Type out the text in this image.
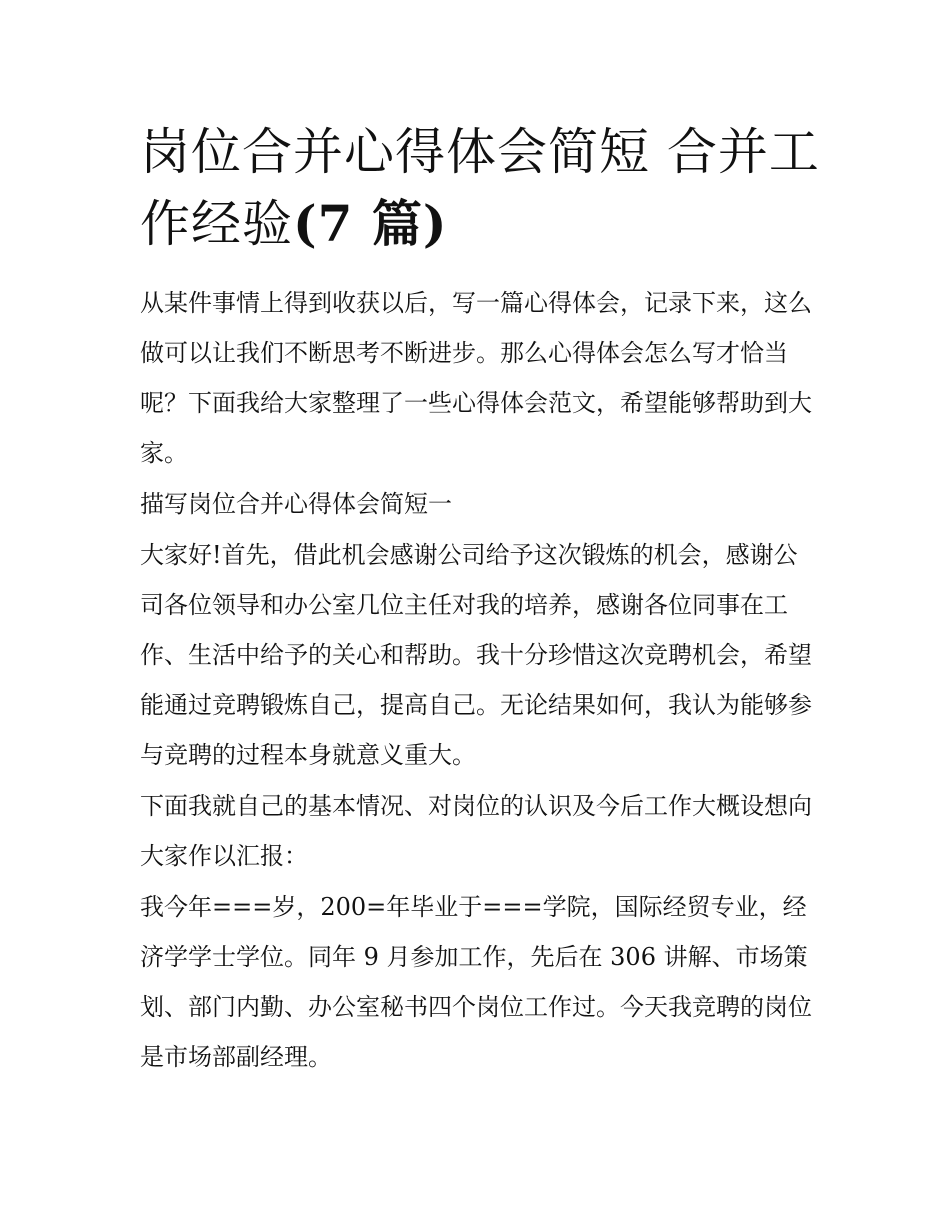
岗位合并心得体会简短 合并工作经验(7 篇)

从某件事情上得到收获以后，写一篇心得体会，记录下来，这么做可以让我们不断思考不断进步。那么心得体会怎么写才恰当呢？下面我给大家整理了一些心得体会范文，希望能够帮助到大家。

描写岗位合并心得体会简短一

大家好!首先，借此机会感谢公司给予这次锻炼的机会，感谢公司各位领导和办公室几位主任对我的培养，感谢各位同事在工作、生活中给予的关心和帮助。我十分珍惜这次竞聘机会，希望能通过竞聘锻炼自己，提高自己。无论结果如何，我认为能够参与竞聘的过程本身就意义重大。

下面我就自己的基本情况、对岗位的认识及今后工作大概设想向大家作以汇报：

我今年===岁，200=年毕业于===学院，国际经贸专业，经济学学士学位。同年 9 月参加工作，先后在 306 讲解、市场策划、部门内勤、办公室秘书四个岗位工作过。今天我竞聘的岗位是市场部副经理。
